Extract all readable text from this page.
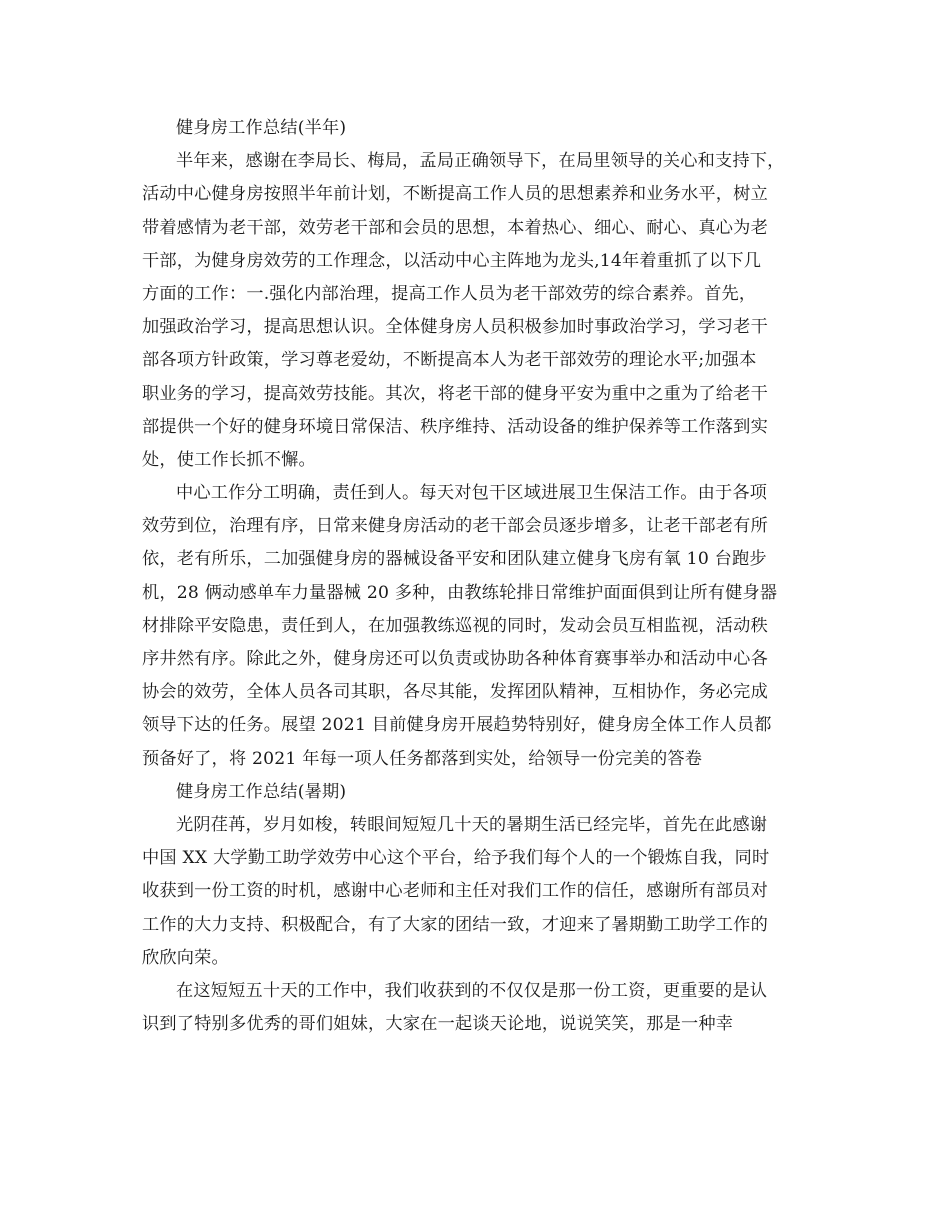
健身房工作总结(半年)
半年来，感谢在李局长、梅局，孟局正确领导下，在局里领导的关心和支持下，
活动中心健身房按照半年前计划，不断提高工作人员的思想素养和业务水平，树立
带着感情为老干部，效劳老干部和会员的思想，本着热心、细心、耐心、真心为老
干部，为健身房效劳的工作理念，以活动中心主阵地为龙头,14年着重抓了以下几
方面的工作：一.强化内部治理，提高工作人员为老干部效劳的综合素养。首先，
加强政治学习，提高思想认识。全体健身房人员积极参加时事政治学习，学习老干
部各项方针政策，学习尊老爱幼，不断提高本人为老干部效劳的理论水平;加强本
职业务的学习，提高效劳技能。其次，将老干部的健身平安为重中之重为了给老干
部提供一个好的健身环境日常保洁、秩序维持、活动设备的维护保养等工作落到实
处，使工作长抓不懈。
中心工作分工明确，责任到人。每天对包干区域进展卫生保洁工作。由于各项
效劳到位，治理有序，日常来健身房活动的老干部会员逐步增多，让老干部老有所
依，老有所乐，二加强健身房的器械设备平安和团队建立健身飞房有氧 10 台跑步
机，28 俩动感单车力量器械 20 多种，由教练轮排日常维护面面俱到让所有健身器
材排除平安隐患，责任到人，在加强教练巡视的同时，发动会员互相监视，活动秩
序井然有序。除此之外，健身房还可以负责或协助各种体育赛事举办和活动中心各
协会的效劳，全体人员各司其职，各尽其能，发挥团队精神，互相协作，务必完成
领导下达的任务。展望 2021 目前健身房开展趋势特别好，健身房全体工作人员都
预备好了，将 2021 年每一项人任务都落到实处，给领导一份完美的答卷
健身房工作总结(暑期)
光阴荏苒，岁月如梭，转眼间短短几十天的暑期生活已经完毕，首先在此感谢
中国 XX 大学勤工助学效劳中心这个平台，给予我们每个人的一个锻炼自我，同时
收获到一份工资的时机，感谢中心老师和主任对我们工作的信任，感谢所有部员对
工作的大力支持、积极配合，有了大家的团结一致，才迎来了暑期勤工助学工作的
欣欣向荣。
在这短短五十天的工作中，我们收获到的不仅仅是那一份工资，更重要的是认
识到了特别多优秀的哥们姐妹，大家在一起谈天论地，说说笑笑，那是一种幸
